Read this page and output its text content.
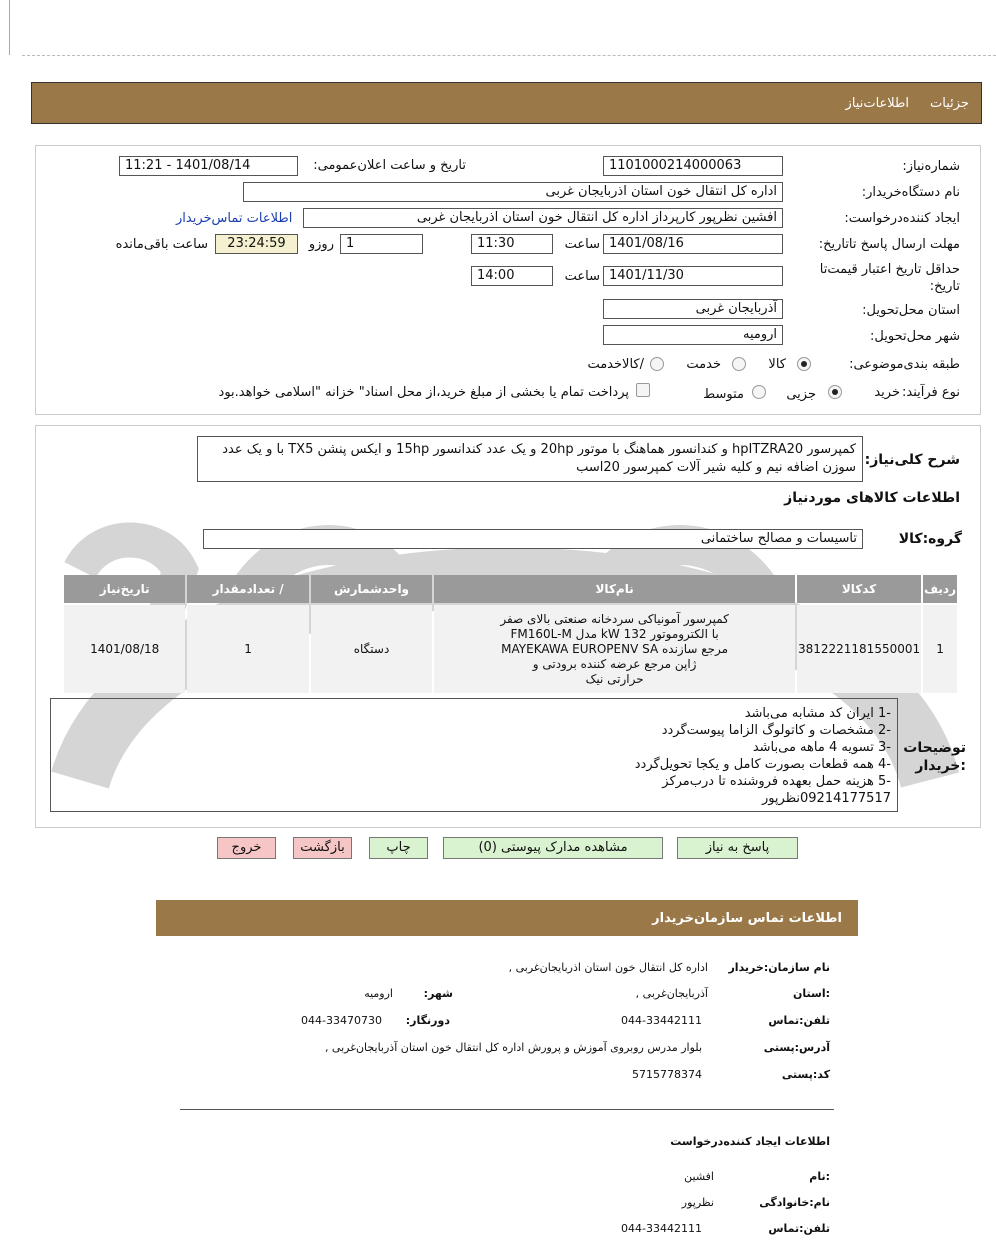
جزئیات
اطلاعات‌نیاز
شماره‌نیاز:
1101000214000063
تاریخ و ساعت اعلان‌عمومی:
1401/08/14 - 11:21
نام دستگاه‌خریدار:
اداره کل انتقال خون استان اذربایجان غربی
ایجاد کننده‌درخواست:
افشین نظرپور کارپرداز اداره کل انتقال خون استان اذربایجان غربی
اطلاعات تماس‌خریدار
مهلت ارسال پاسخ تا‌تاریخ:
1401/08/16
ساعت
11:30
1
روزو
23:24:59
ساعت باقی‌مانده
حداقل تاریخ اعتبار قیمت‌تا
تاریخ:
1401/11/30
ساعت
14:00
استان محل‌تحویل:
آذربایجان غربی
شهر محل‌تحویل:
ارومیه
طبقه بندی‌موضوعی:
کالا
خدمت
/کالاخدمت
نوع فرآیند:
خرید
جزیی
متوسط
پرداخت تمام یا بخشی از مبلغ خرید،از محل اسناد" خزانه "اسلامی خواهد.بود
شرح کلی‌نیاز:
کمپرسور hpITZRA20 و کندانسور هماهنگ با موتور 20hp و یک عدد کندانسور 15hp و ایکس پنشن TX5 با و یک عدد سوزن اضافه نیم و کلیه شیر آلات کمپرسور 20اسب
اطلاعات کالاهای موردنیاز
گروه:کالا
تاسیسات و مصالح ساختمانی
ردیف	کدکالا	نام‌کالا	واحدشمارش	/ تعدادمقدار	تاریخ‌نیاز
1	3812221181550001	کمپرسور آمونیاکی سردخانه صنعتی بالای صفر
با الکتروموتور 132 kW مدل FM160L-M
مرجع سازنده MAYEKAWA EUROPENV SA
ژاپن مرجع عرضه کننده برودتی و
حرارتی نیک	دستگاه	1	1401/08/18
توضیحات
:خریدار
-1 ایران کد مشابه می‌باشد
-2 مشخصات و کاتولوگ الزاما پیوست‌گردد
-3 تسویه 4 ماهه می‌باشد
-4 همه قطعات بصورت کامل و یکجا تحویل‌گردد
-5 هزینه حمل بعهده فروشنده تا درب‌مرکز
09214177517نظرپور
پاسخ به نیاز
مشاهده مدارک پیوستی (0)
چاپ
بازگشت
خروج
اطلاعات تماس سازمان‌خریدار
نام سازمان‌:خریدار
اداره کل انتقال خون استان اذربایجان‌غربی ,
:استان
آذربایجان‌غربی ,
شهر:
ارومیه
تلفن‌:تماس
044-33442111
دورنگار:
044-33470730
آدرس‌:پستی
بلوار مدرس روبروی آموزش و پرورش اداره کل انتقال خون استان آذربایجان‌غربی ,
کد‌:پستی
5715778374
اطلاعات ایجاد کننده‌درخواست
:نام
افشین
نام‌:خانوادگی
نظرپور
تلفن‌:تماس
044-33442111
